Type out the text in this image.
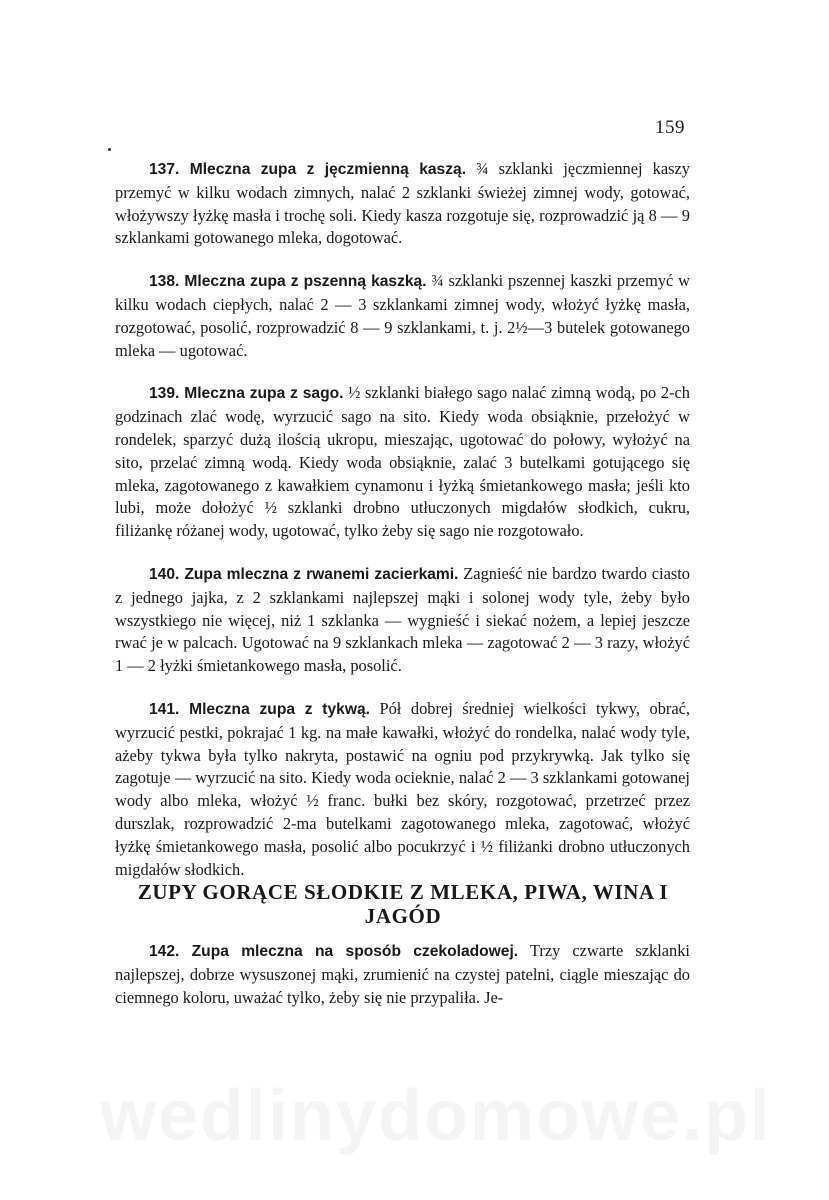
159

137. Mleczna zupa z jęczmienną kaszą. ¾ szklanki jęczmiennej kaszy przemyć w kilku wodach zimnych, nalać 2 szklanki świeżej zimnej wody, gotować, włożywszy łyżkę masła i trochę soli. Kiedy kasza rozgotuje się, rozprowadzić ją 8 — 9 szklankami gotowanego mleka, dogotować.

138. Mleczna zupa z pszenną kaszką. ¾ szklanki pszennej kaszki przemyć w kilku wodach ciepłych, nalać 2 — 3 szklankami zimnej wody, włożyć łyżkę masła, rozgotować, posolić, rozprowadzić 8 — 9 szklankami, t. j. 2½—3 butelek gotowanego mleka — ugotować.

139. Mleczna zupa z sago. ½ szklanki białego sago nalać zimną wodą, po 2-ch godzinach zlać wodę, wyrzucić sago na sito. Kiedy woda obsiąknie, przełożyć w rondelek, sparzyć dużą ilością ukropu, mieszając, ugotować do połowy, wyłożyć na sito, przelać zimną wodą. Kiedy woda obsiąknie, zalać 3 butelkami gotującego się mleka, zagotowanego z kawałkiem cynamonu i łyżką śmietankowego masła; jeśli kto lubi, może dołożyć ½ szklanki drobno utłuczonych migdałów słodkich, cukru, filiżankę różanej wody, ugotować, tylko żeby się sago nie rozgotowało.

140. Zupa mleczna z rwanemi zacierkami. Zagnieść nie bardzo twardo ciasto z jednego jajka, z 2 szklankami najlepszej mąki i solonej wody tyle, żeby było wszystkiego nie więcej, niż 1 szklanka — wygnieść i siekać nożem, a lepiej jeszcze rwać je w palcach. Ugotować na 9 szklankach mleka — zagotować 2 — 3 razy, włożyć 1 — 2 łyżki śmietankowego masła, posolić.

141. Mleczna zupa z tykwą. Pół dobrej średniej wielkości tykwy, obrać, wyrzucić pestki, pokrajać 1 kg. na małe kawałki, włożyć do rondelka, nalać wody tyle, ażeby tykwa była tylko nakryta, postawić na ogniu pod przykrywką. Jak tylko się zagotuje — wyrzucić na sito. Kiedy woda ocieknie, nalać 2 — 3 szklankami gotowanej wody albo mleka, włożyć ½ franc. bułki bez skóry, rozgotować, przetrzeć przez durszlak, rozprowadzić 2-ma butelkami zagotowanego mleka, zagotować, włożyć łyżkę śmietankowego masła, posolić albo pocukrzyć i ½ filiżanki drobno utłuczonych migdałów słodkich.

ZUPY GORĄCE SŁODKIE Z MLEKA, PIWA, WINA I JAGÓD

142. Zupa mleczna na sposób czekoladowej. Trzy czwarte szklanki najlepszej, dobrze wysuszonej mąki, zrumienić na czystej patelni, ciągle mieszając do ciemnego koloru, uważać tylko, żeby się nie przypaliła. Je-
